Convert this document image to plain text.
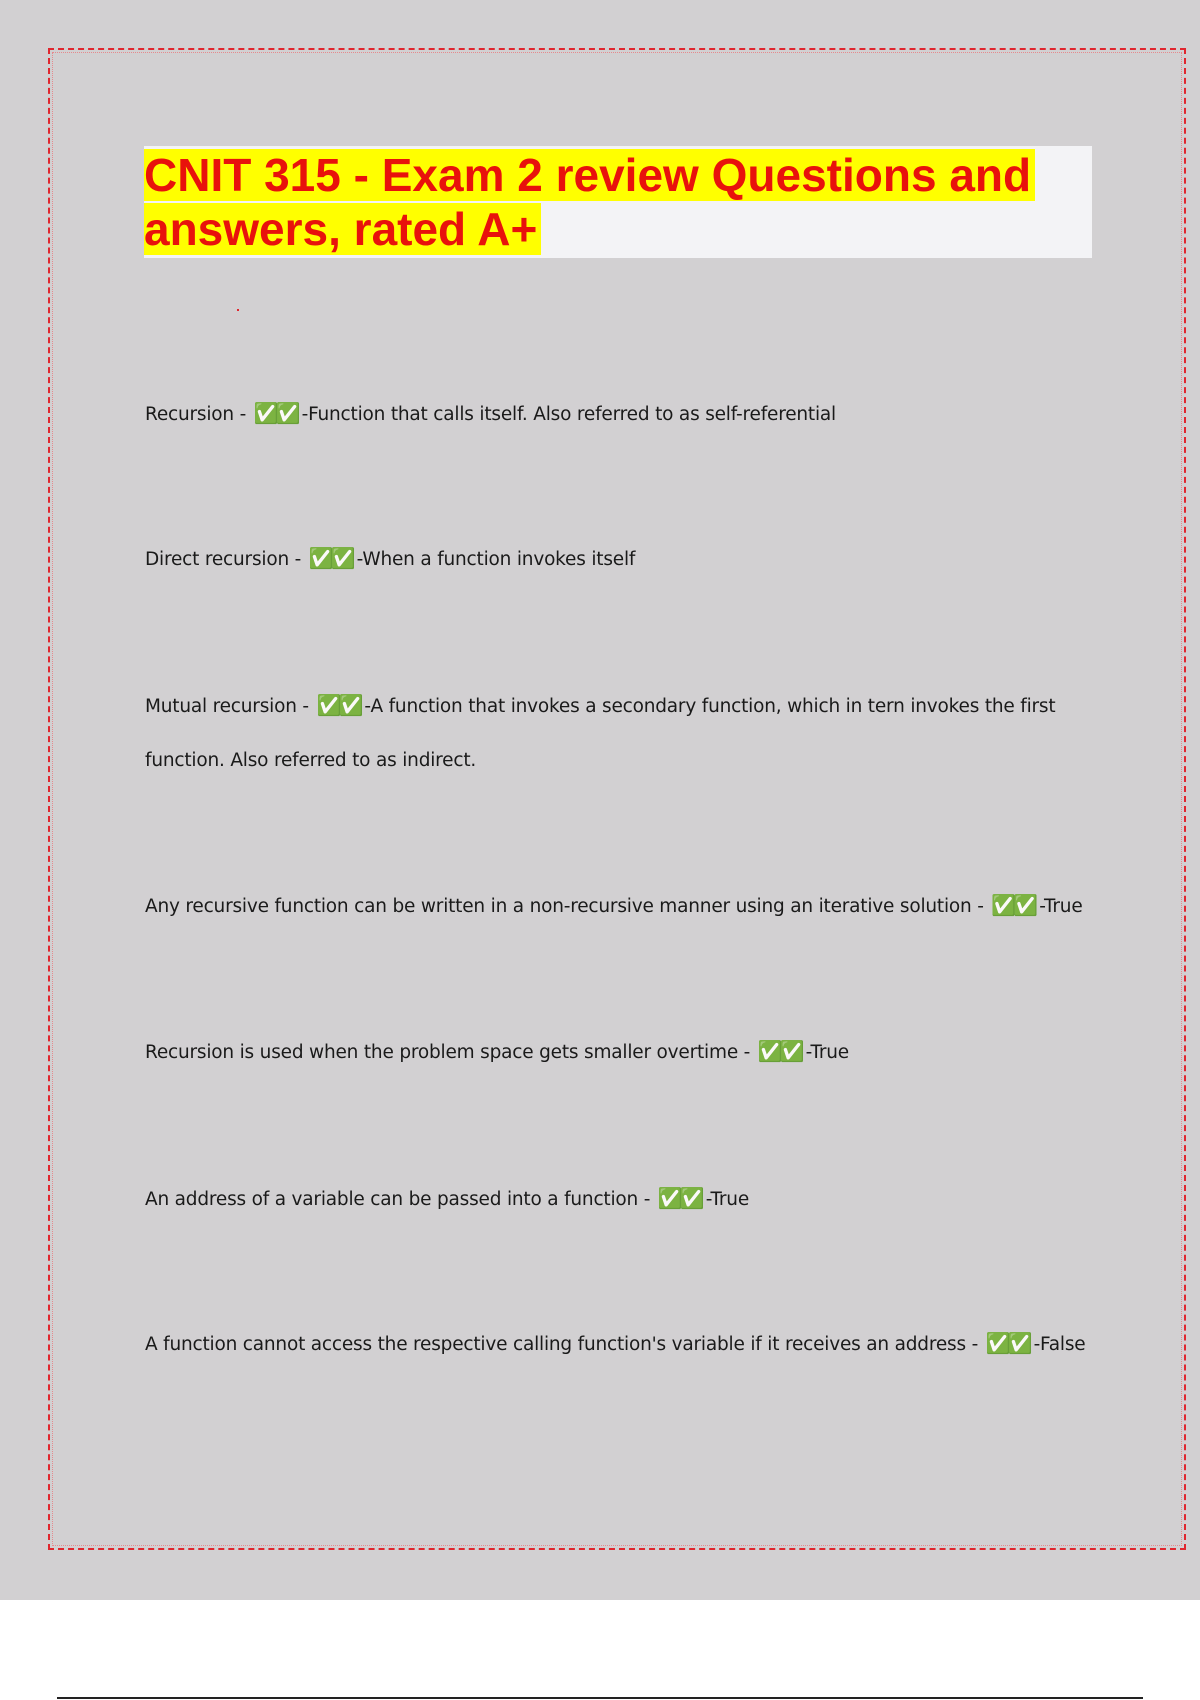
CNIT 315 - Exam 2 review Questions and

answers, rated A+

Recursion - ✅✅ -Function that calls itself. Also referred to as self-referential
Direct recursion - ✅✅ -When a function invokes itself
Mutual recursion - ✅✅ -A function that invokes a secondary function, which in tern invokes the first
function. Also referred to as indirect.
Any recursive function can be written in a non-recursive manner using an iterative solution - ✅✅ -True
Recursion is used when the problem space gets smaller overtime - ✅✅ -True
An address of a variable can be passed into a function - ✅✅ -True
A function cannot access the respective calling function's variable if it receives an address - ✅✅ -False
